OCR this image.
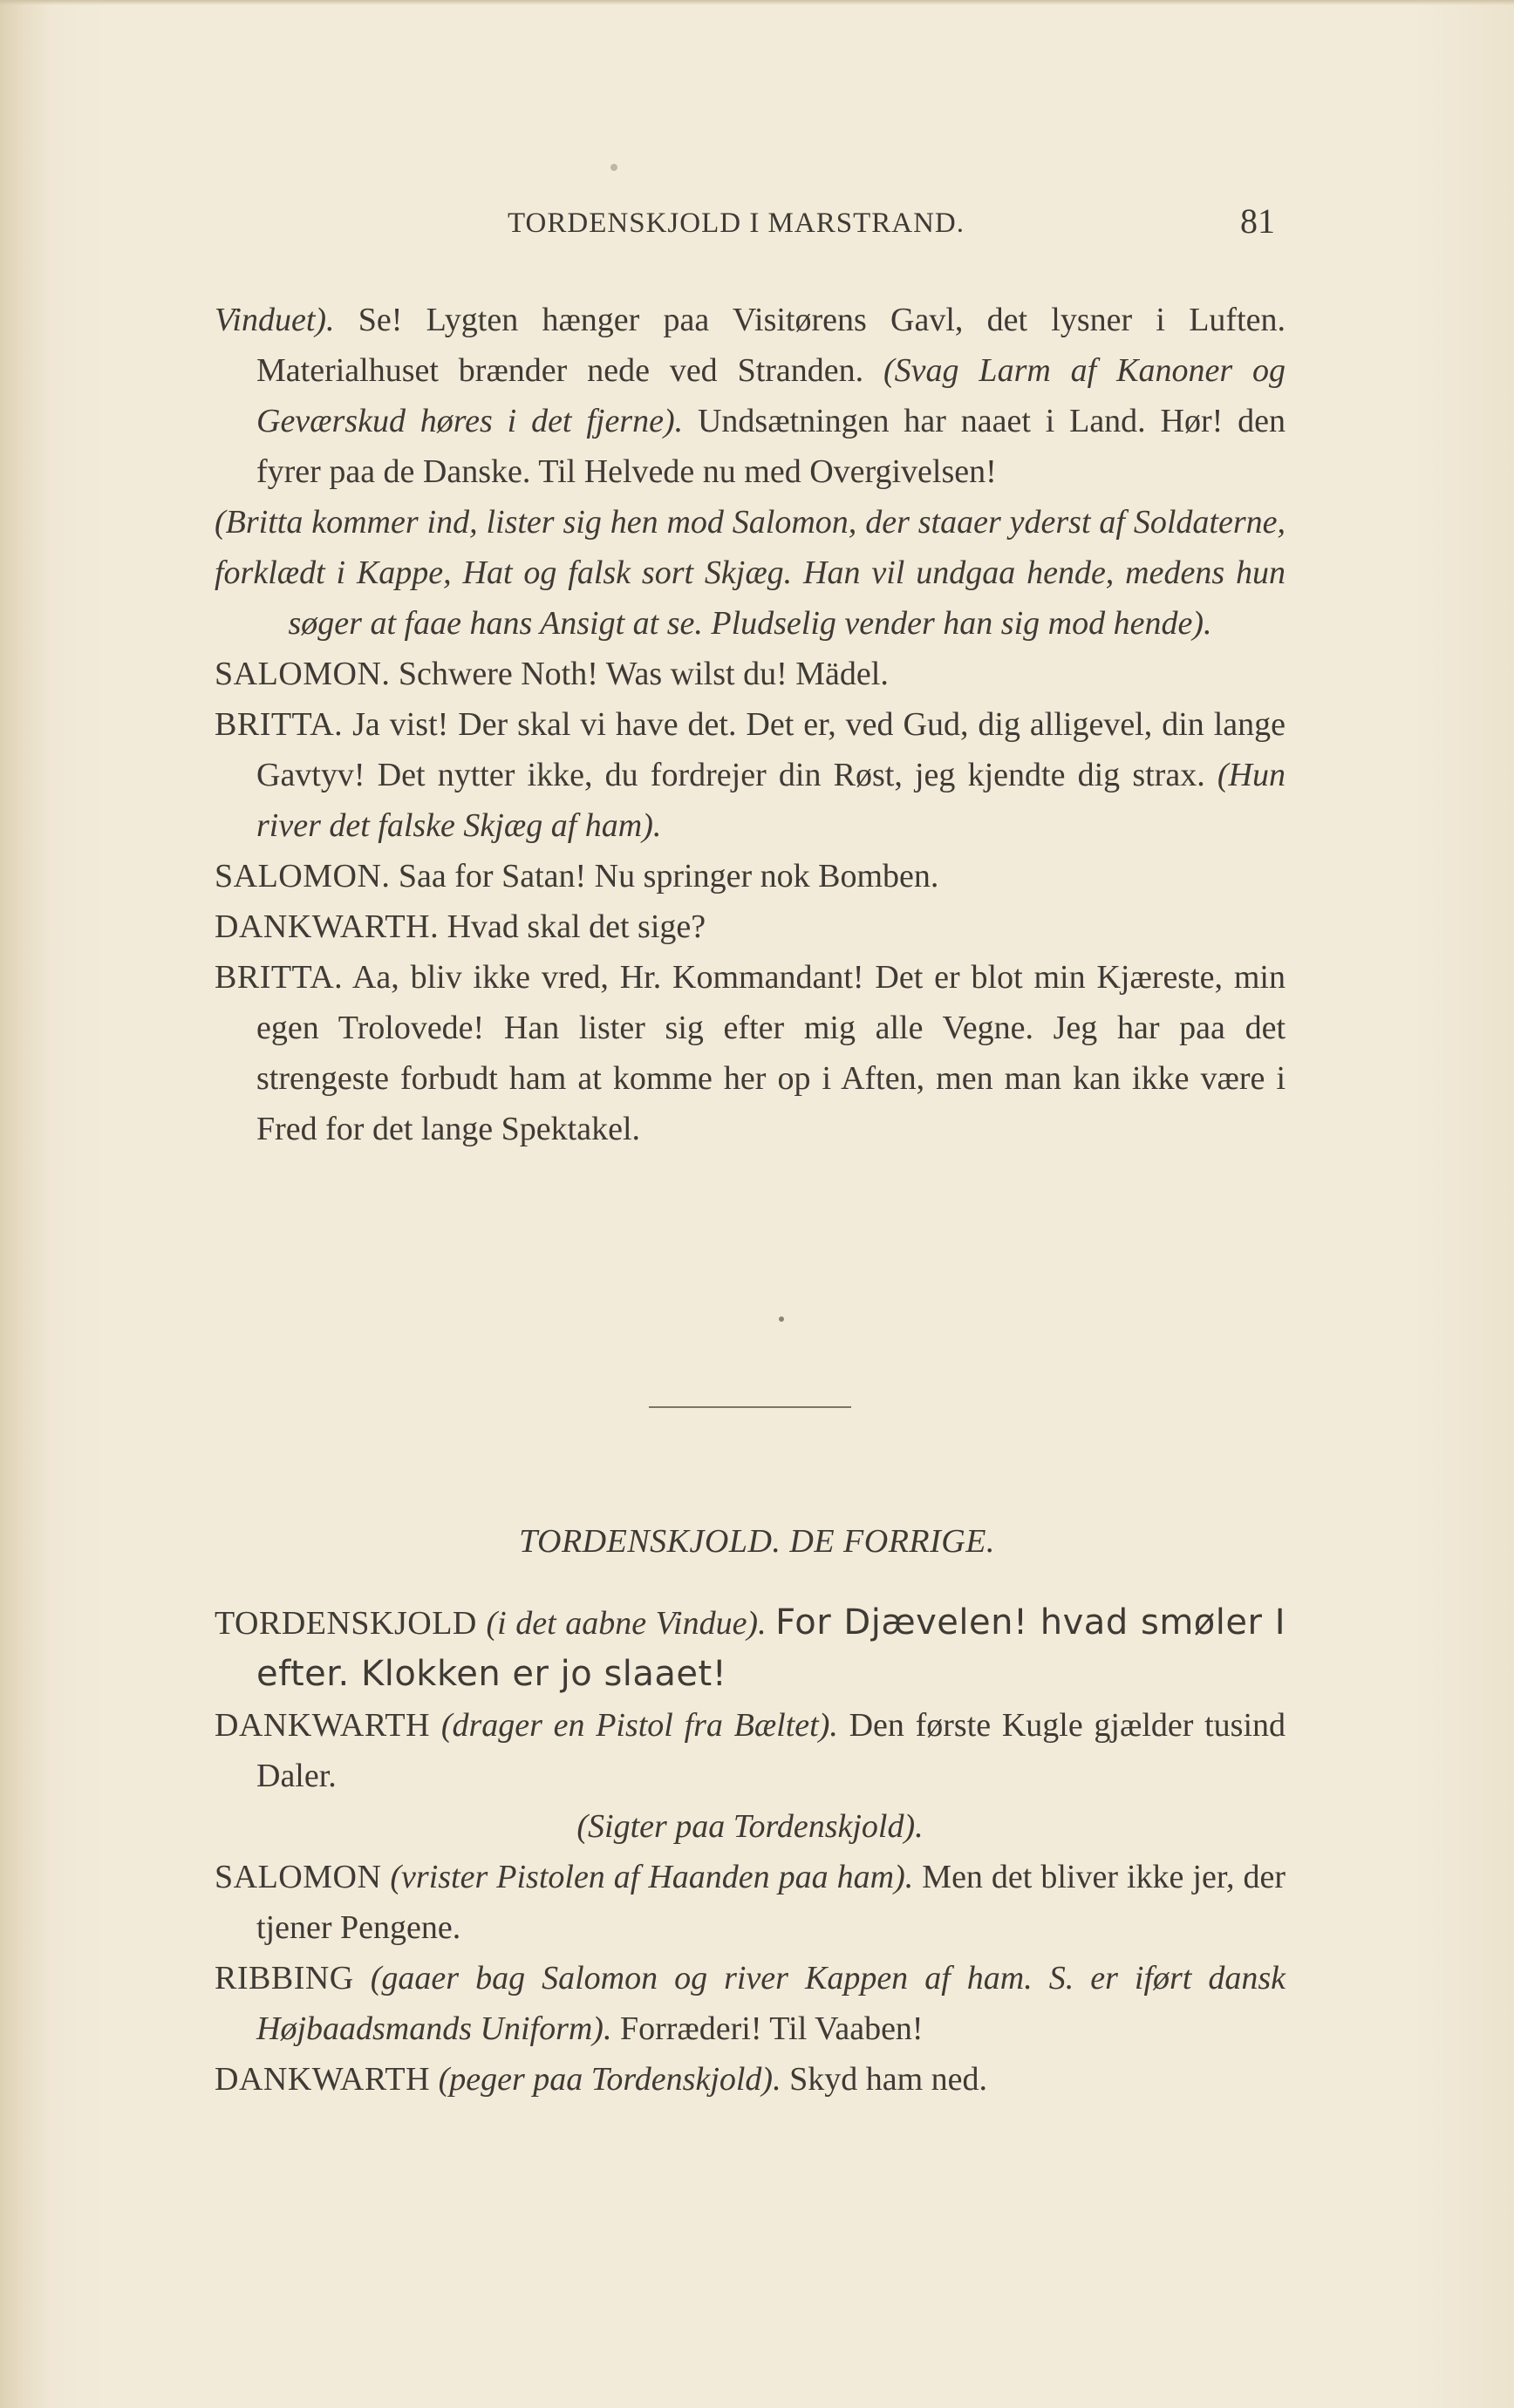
TORDENSKJOLD I MARSTRAND.	81

Vinduet). Se! Lygten hænger paa Visitørens Gavl, det lysner i Luften. Materialhuset brænder nede ved Stranden. (Svag Larm af Kanoner og Geværskud høres i det fjerne). Undsætningen har naaet i Land. Hør! den fyrer paa de Danske. Til Helvede nu med Overgivelsen!

(Britta kommer ind, lister sig hen mod Salomon, der staaer yderst af Soldaterne, forklædt i Kappe, Hat og falsk sort Skjæg. Han vil undgaa hende, medens hun søger at faae hans Ansigt at se. Pludselig vender han sig mod hende).

SALOMON. Schwere Noth! Was wilst du! Mädel.

BRITTA. Ja vist! Der skal vi have det. Det er, ved Gud, dig alligevel, din lange Gavtyv! Det nytter ikke, du fordrejer din Røst, jeg kjendte dig strax. (Hun river det falske Skjæg af ham).

SALOMON. Saa for Satan! Nu springer nok Bomben.

DANKWARTH. Hvad skal det sige?

BRITTA. Aa, bliv ikke vred, Hr. Kommandant! Det er blot min Kjæreste, min egen Trolovede! Han lister sig efter mig alle Vegne. Jeg har paa det strengeste forbudt ham at komme her op i Aften, men man kan ikke være i Fred for det lange Spektakel.

TORDENSKJOLD. DE FORRIGE.

TORDENSKJOLD (i det aabne Vindue). For Djævelen! hvad smøler I efter. Klokken er jo slaaet!

DANKWARTH (drager en Pistol fra Bæltet). Den første Kugle gjælder tusind Daler.

(Sigter paa Tordenskjold).

SALOMON (vrister Pistolen af Haanden paa ham). Men det bliver ikke jer, der tjener Pengene.

RIBBING (gaaer bag Salomon og river Kappen af ham. S. er iført dansk Højbaadsmands Uniform). Forræderi! Til Vaaben!

DANKWARTH (peger paa Tordenskjold). Skyd ham ned.
